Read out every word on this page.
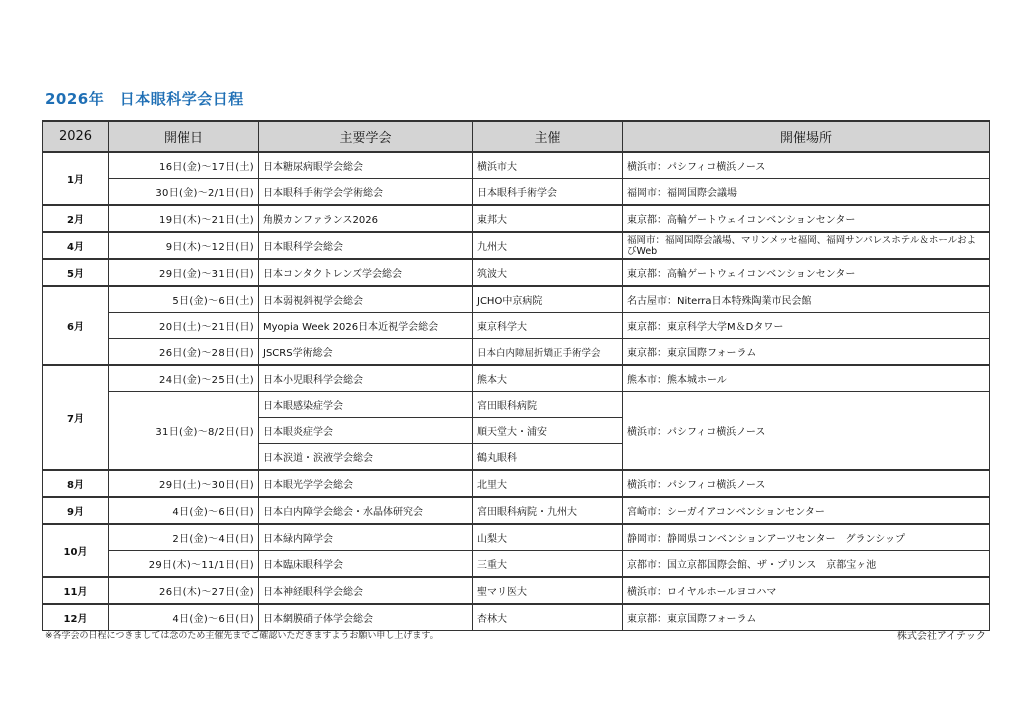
2026年　日本眼科学会日程
2026	開催日	主要学会	主催	開催場所
1月	16日(金)～17日(土)	日本糖尿病眼学会総会	横浜市大	横浜市：パシフィコ横浜ノース
	30日(金)～2/1日(日)	日本眼科手術学会学術総会	日本眼科手術学会	福岡市：福岡国際会議場
2月	19日(木)～21日(土)	角膜カンファランス2026	東邦大	東京都：高輪ゲートウェイコンベンションセンター
4月	9日(木)～12日(日)	日本眼科学会総会	九州大	福岡市：福岡国際会議場、マリンメッセ福岡、福岡サンパレスホテル＆ホールおよびWeb
5月	29日(金)～31日(日)	日本コンタクトレンズ学会総会	筑波大	東京都：高輪ゲートウェイコンベンションセンター
6月	5日(金)～6日(土)	日本弱視斜視学会総会	JCHO中京病院	名古屋市：Niterra日本特殊陶業市民会館
	20日(土)～21日(日)	Myopia Week 2026日本近視学会総会	東京科学大	東京都：東京科学大学M＆Dタワー
	26日(金)～28日(日)	JSCRS学術総会	日本白内障屈折矯正手術学会	東京都：東京国際フォーラム
7月	24日(金)～25日(土)	日本小児眼科学会総会	熊本大	熊本市：熊本城ホール
	31日(金)～8/2日(日)	日本眼感染症学会	宮田眼科病院	横浜市：パシフィコ横浜ノース
		日本眼炎症学会	順天堂大・浦安	
		日本涙道・涙液学会総会	鶴丸眼科	
8月	29日(土)～30日(日)	日本眼光学学会総会	北里大	横浜市：パシフィコ横浜ノース
9月	4日(金)～6日(日)	日本白内障学会総会・水晶体研究会	宮田眼科病院・九州大	宮崎市：シーガイアコンベンションセンター
10月	2日(金)～4日(日)	日本緑内障学会	山梨大	静岡市：静岡県コンベンションアーツセンター　グランシップ
	29日(木)～11/1日(日)	日本臨床眼科学会	三重大	京都市：国立京都国際会館、ザ・プリンス　京都宝ヶ池
11月	26日(木)～27日(金)	日本神経眼科学会総会	聖マリ医大	横浜市：ロイヤルホールヨコハマ
12月	4日(金)～6日(日)	日本網膜硝子体学会総会	杏林大	東京都：東京国際フォーラム
※各学会の日程につきましては念のため主催先までご確認いただきますようお願い申し上げます。	株式会社アイテック
